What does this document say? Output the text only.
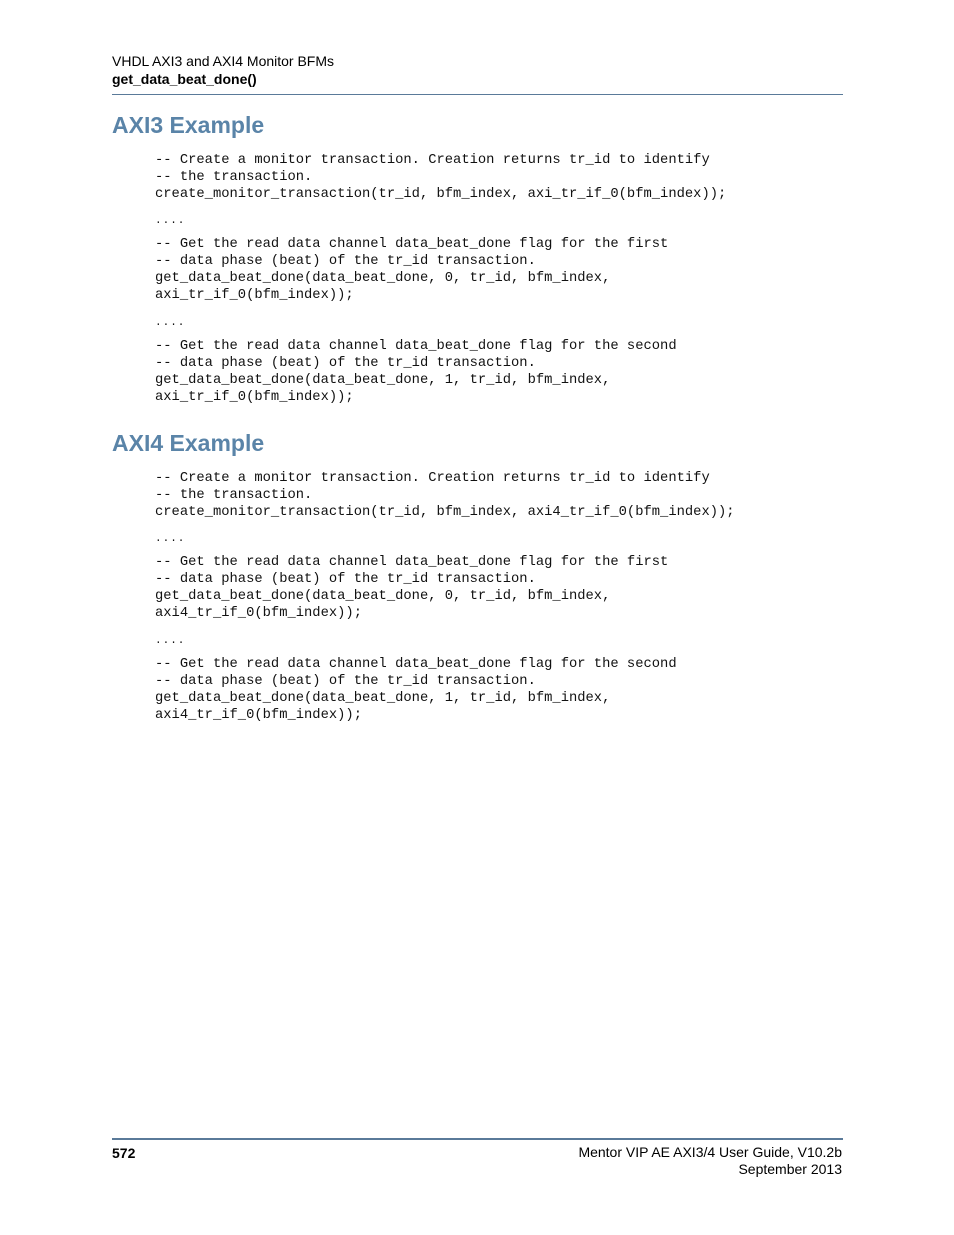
VHDL AXI3 and AXI4 Monitor BFMs
get_data_beat_done()
AXI3 Example
-- Create a monitor transaction. Creation returns tr_id to identify
-- the transaction.
create_monitor_transaction(tr_id, bfm_index, axi_tr_if_0(bfm_index));
....
-- Get the read data channel data_beat_done flag for the first
-- data phase (beat) of the tr_id transaction.
get_data_beat_done(data_beat_done, 0, tr_id, bfm_index,
axi_tr_if_0(bfm_index));
....
-- Get the read data channel data_beat_done flag for the second
-- data phase (beat) of the tr_id transaction.
get_data_beat_done(data_beat_done, 1, tr_id, bfm_index,
axi_tr_if_0(bfm_index));
AXI4 Example
-- Create a monitor transaction. Creation returns tr_id to identify
-- the transaction.
create_monitor_transaction(tr_id, bfm_index, axi4_tr_if_0(bfm_index));
....
-- Get the read data channel data_beat_done flag for the first
-- data phase (beat) of the tr_id transaction.
get_data_beat_done(data_beat_done, 0, tr_id, bfm_index,
axi4_tr_if_0(bfm_index));
....
-- Get the read data channel data_beat_done flag for the second
-- data phase (beat) of the tr_id transaction.
get_data_beat_done(data_beat_done, 1, tr_id, bfm_index,
axi4_tr_if_0(bfm_index));
572	Mentor VIP AE AXI3/4 User Guide, V10.2b
September 2013
